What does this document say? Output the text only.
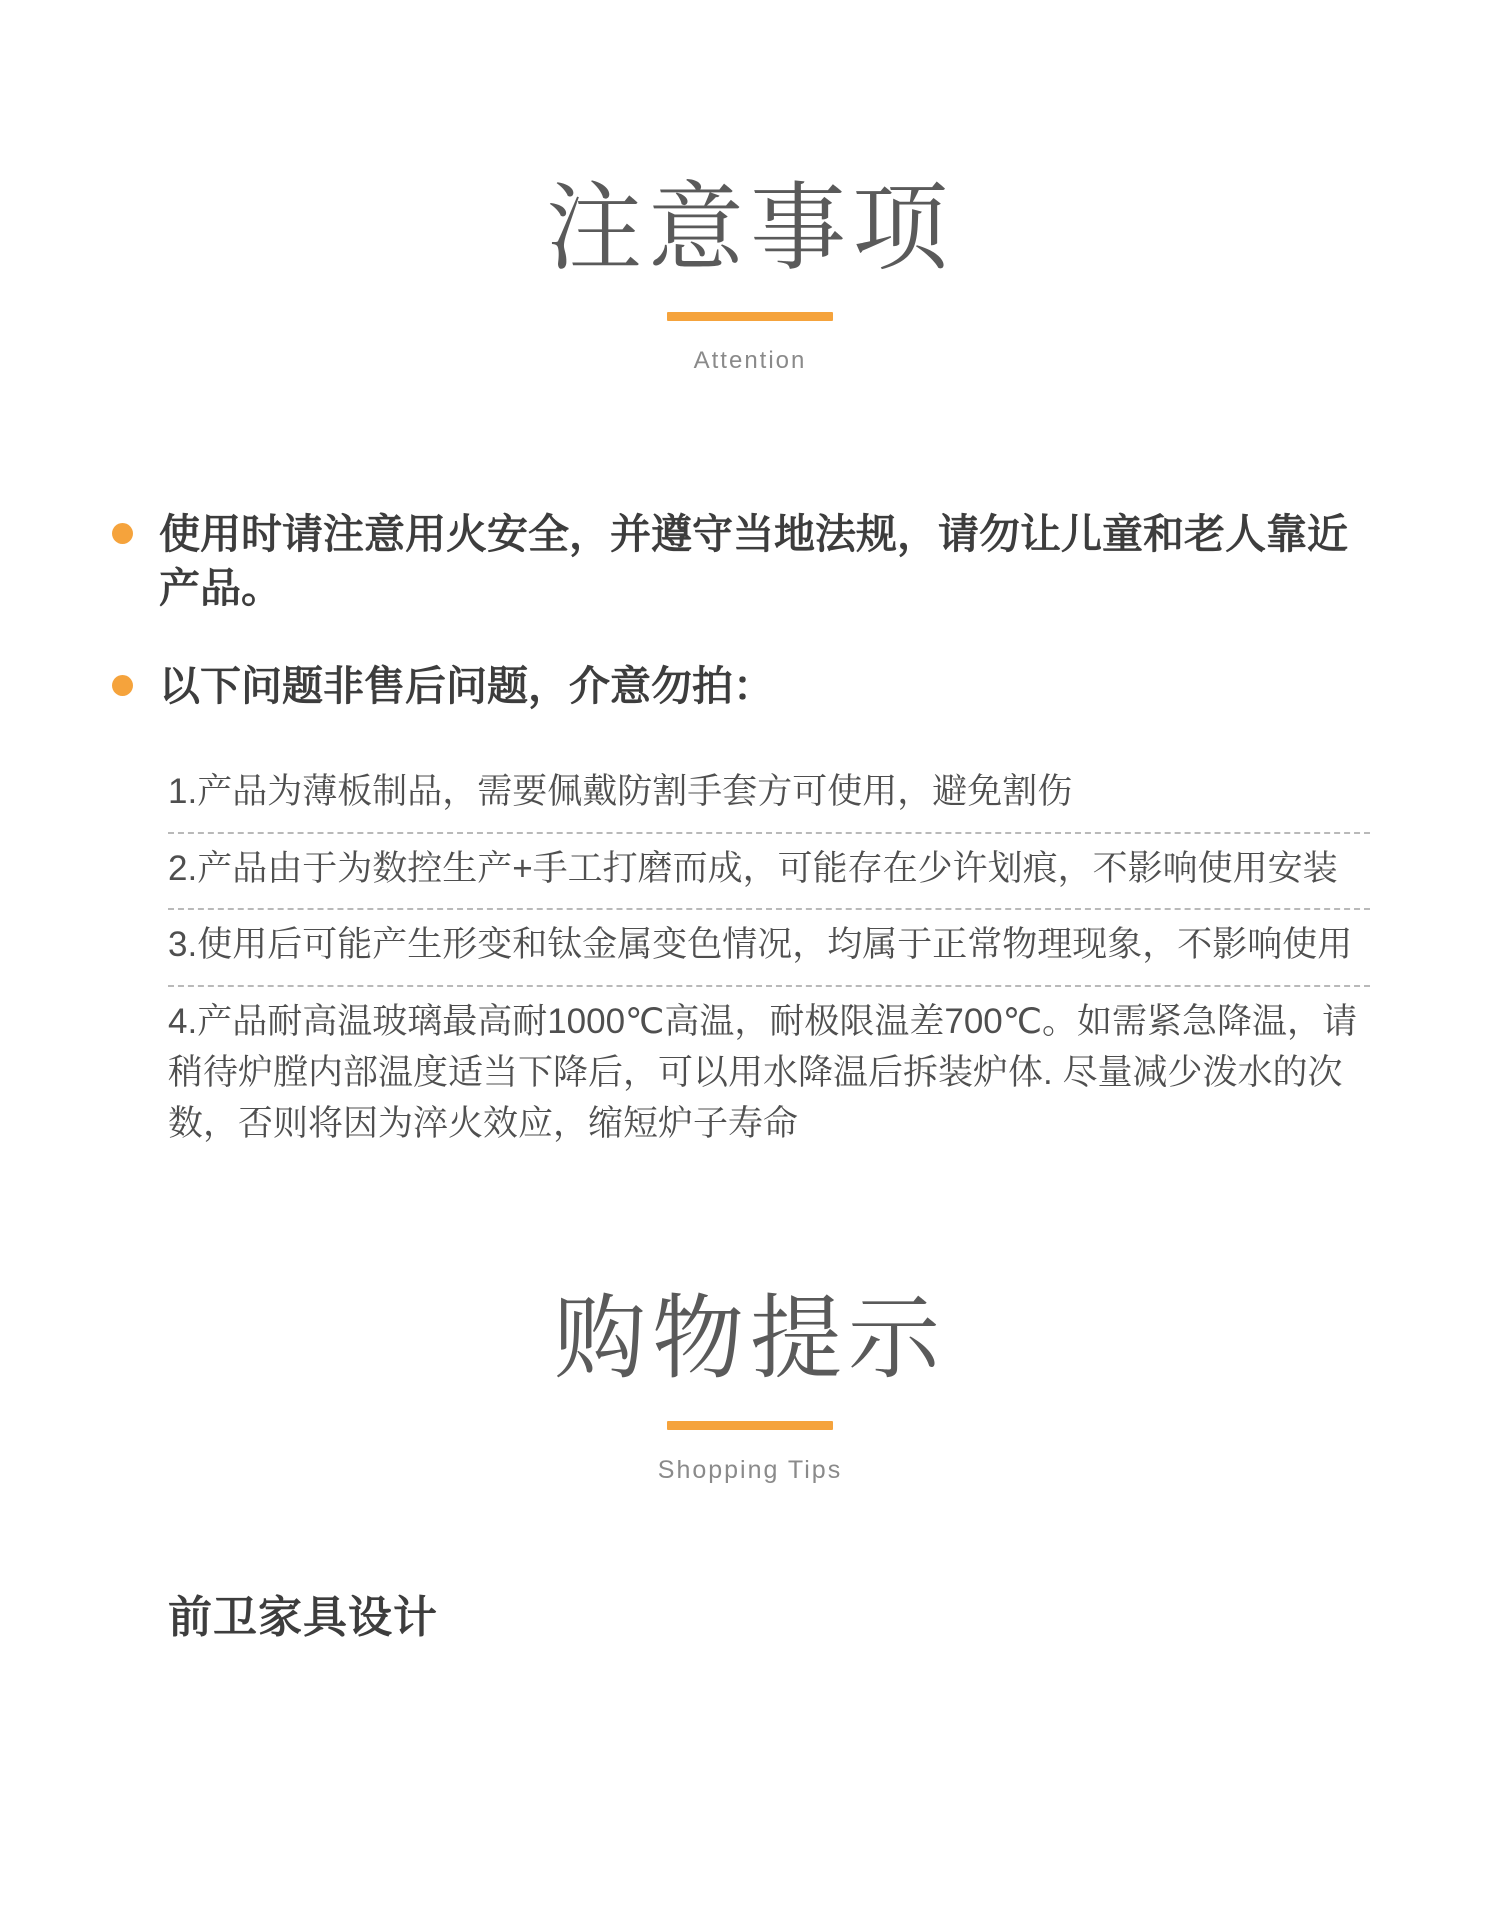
注意事项
Attention
使用时请注意用火安全，并遵守当地法规，请勿让儿童和老人靠近产品。
以下问题非售后问题，介意勿拍：
1.产品为薄板制品，需要佩戴防割手套方可使用，避免割伤
2.产品由于为数控生产+手工打磨而成，可能存在少许划痕，不影响使用安装
3.使用后可能产生形变和钛金属变色情况，均属于正常物理现象，不影响使用
4.产品耐高温玻璃最高耐1000℃高温，耐极限温差700℃。如需紧急降温，请稍待炉膛内部温度适当下降后，可以用水降温后拆装炉体. 尽量减少泼水的次数，否则将因为淬火效应，缩短炉子寿命
购物提示
Shopping Tips
前卫家具设计
